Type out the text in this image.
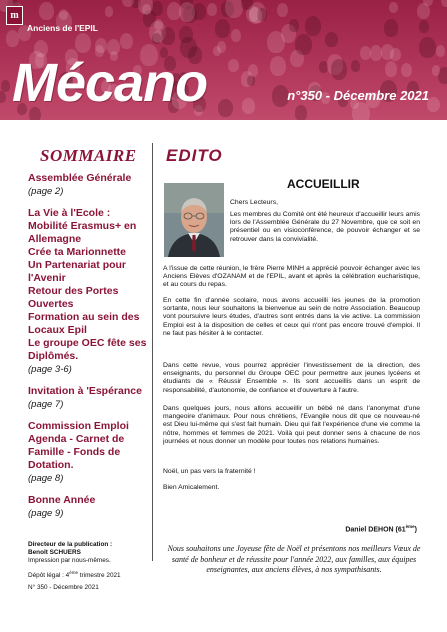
m
Anciens de l'EPIL
Mécano	n°350 - Décembre 2021
SOMMAIRE
Assemblée Générale
(page 2)
La Vie à l'Ecole :
Mobilité Erasmus+ en Allemagne
Crée ta Marionnette
Un Partenariat pour l'Avenir
Retour des Portes Ouvertes
Formation au sein des Locaux Epil
Le groupe OEC fête ses Diplômés.
(page 3-6)
Invitation à 'Espérance
(page 7)
Commission Emploi
Agenda - Carnet de Famille - Fonds de Dotation.
(page 8)
Bonne Année
(page 9)
Directeur de la publication :
Benoît SCHUERS
Impression par nous-mêmes.
Dépôt légal : 4ème trimestre 2021
N° 350 - Décembre 2021
EDITO
ACCUEILLIR

Chers Lecteurs,

Les membres du Comité ont été heureux d'accueillir leurs amis lors de l'Assemblée Générale du 27 Novembre, que ce soit en présentiel ou en visioconférence, de pouvoir échanger et se retrouver dans la convivialité.

A l'issue de cette réunion, le frère Pierre MINH a apprécié pouvoir échanger avec les Anciens Elèves d'OZANAM et de l'EPIL, avant et après la célébration eucharistique, et au cours du repas.

En cette fin d'année scolaire, nous avons accueilli les jeunes de la promotion sortante, nous leur souhaitons la bienvenue au sein de notre Association. Beaucoup vont poursuivre leurs études, d'autres sont entrés dans la vie active. La commission Emploi est à la disposition de celles et ceux qui n'ont pas encore trouvé d'emploi. Il ne faut pas hésiter à le contacter.

Dans cette revue, vous pourrez apprécier l'investissement de la direction, des enseignants, du personnel du Groupe OEC pour permettre aux jeunes lycéens et étudiants de « Réussir Ensemble ». Ils sont accueillis dans un esprit de responsabilité, d'autonomie, de confiance et d'ouverture à l'autre.

Dans quelques jours, nous allons accueillir un bébé né dans l'anonymat d'une mangeoire d'animaux. Pour nous chrétiens, l'Evangile nous dit que ce nouveau-né est Dieu lui-même qui s'est fait humain. Dieu qui fait l'expérience d'une vie comme la nôtre, hommes et femmes de 2021. Voilà qui peut donner sens à chacune de nos journées et nous donner un modèle pour toutes nos relations humaines.

Noël, un pas vers la fraternité !

Bien Amicalement.

Daniel DEHON (61ème)

Nous souhaitons une Joyeuse fête de Noël et présentons nos meilleurs Vœux de santé de bonheur et de réussite pour l'année 2022, aux familles, aux équipes enseignantes, aux anciens élèves, à nos sympathisants.
